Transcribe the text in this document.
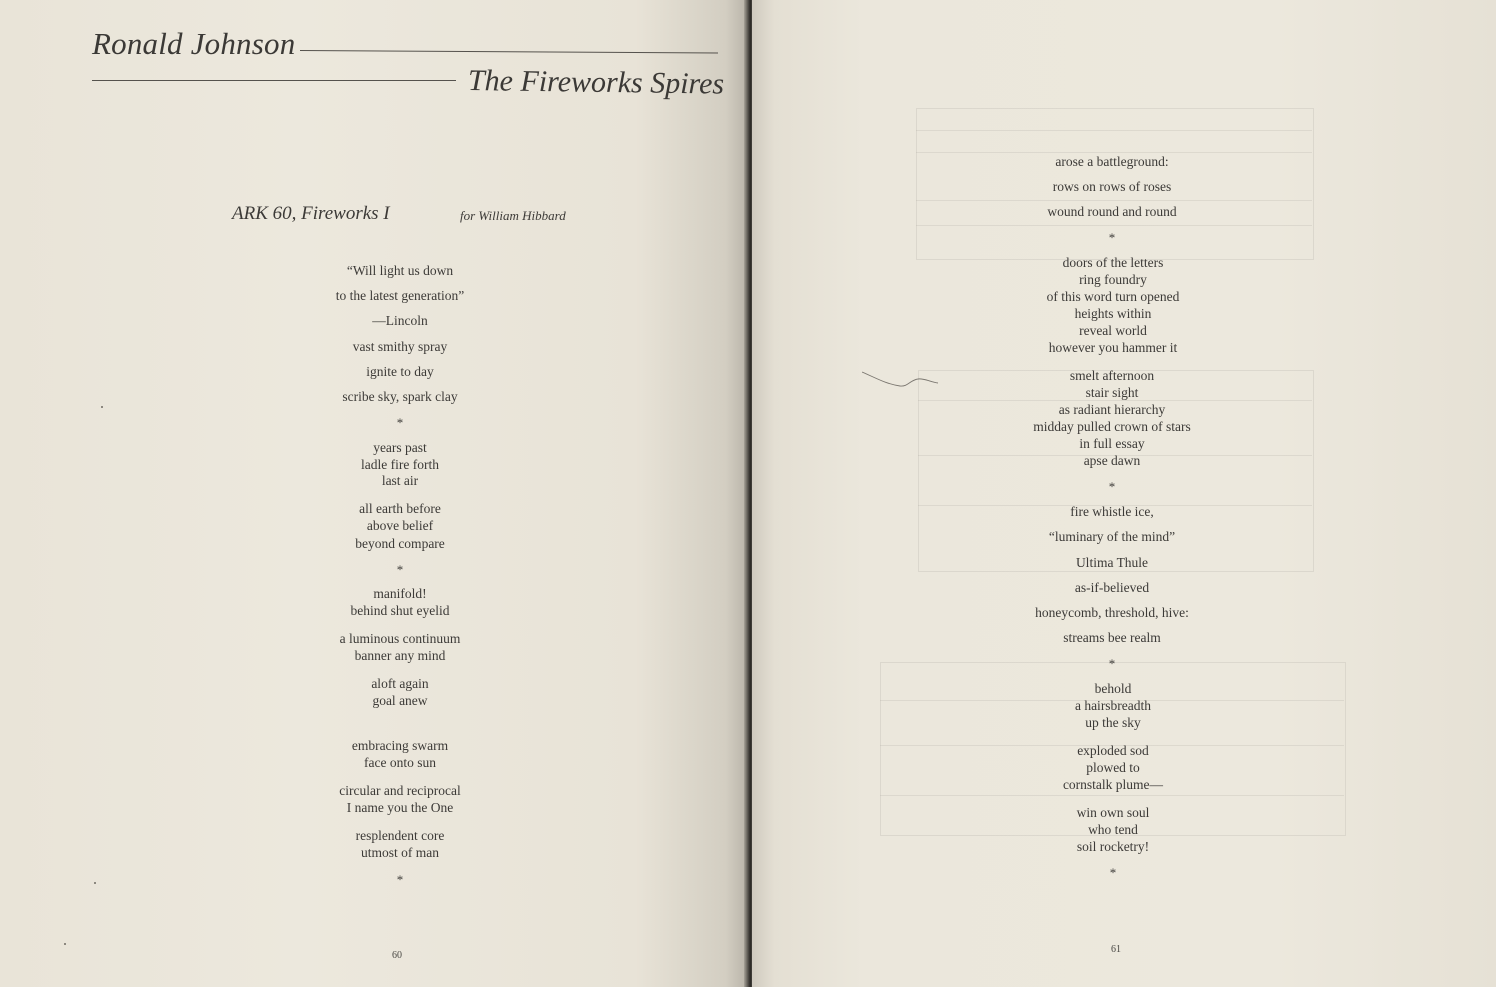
Ronald Johnson
The Fireworks Spires
ARK 60, Fireworks I	for William Hibbard
“Will light us down
to the latest generation”
—Lincoln
vast smithy spray
ignite to day
scribe sky, spark clay
*
years past
ladle fire forth
last air
all earth before
above belief
beyond compare
*
manifold!
behind shut eyelid
a luminous continuum
banner any mind
aloft again
goal anew
embracing swarm
face onto sun
circular and reciprocal
I name you the One
resplendent core
utmost of man
*
60
arose a battleground:
rows on rows of roses
wound round and round
*
doors of the letters
ring foundry
of this word turn opened
heights within
reveal world
however you hammer it
smelt afternoon
stair sight
as radiant hierarchy
midday pulled crown of stars
in full essay
apse dawn
*
fire whistle ice,
“luminary of the mind”
Ultima Thule
as-if-believed
honeycomb, threshold, hive:
streams bee realm
*
behold
a hairsbreadth
up the sky
exploded sod
plowed to
cornstalk plume—
win own soul
who tend
soil rocketry!
*
61
